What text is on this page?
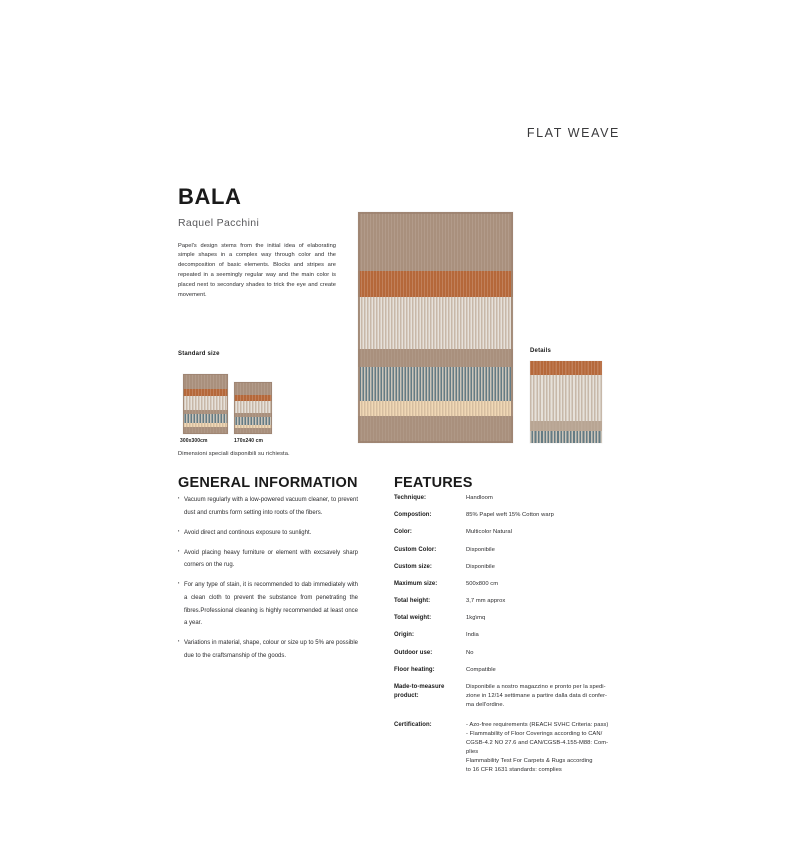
FLAT WEAVE
BALA
Raquel Pacchini

Papel's design stems from the initial idea of elaborating simple shapes in a complex way through color and the decomposition of basic elements. Blocks and stripes are repeated in a seemingly regular way and the main color is placed next to secondary shades to trick the eye and create movement.

Standard size
300x300cm	170x240 cm
Dimensioni speciali disponibili su richiesta.
Details
GENERAL INFORMATION
▪ Vacuum regularly with a low-powered vacuum cleaner, to prevent dust and crumbs form setting into roots of the fibers.
▪ Avoid direct and continous exposure to sunlight.
▪ Avoid placing heavy furniture or element with excsavely sharp corners on the rug.
▪ For any type of stain, it is recommended to dab immediately with a clean cloth to prevent the substance from penetrating the fibres.Professional cleaning is highly recommended at least once a year.
▪ Variations in material, shape, colour or size up to 5% are possible due to the craftsmanship of the goods.
FEATURES
Technique:	Handloom
Compostion:	85% Papel weft 15% Cotton warp
Color:	Multicolor Natural
Custom Color:	Disponibile
Custom size:	Disponibile
Maximum size:	500x800 cm
Total height:	3,7 mm approx
Total weight:	1kg\mq
Origin:	India
Outdoor use:	No
Floor heating:	Compatible
Made-to-measure
product:
Disponibile a nostro magazzino e pronto per la spedi-
zione in 12/14 settimane a partire dalla data di confer-
ma dell'ordine.
Certification:	- Azo-free requirements (REACH SVHC Criteria: pass)
- Flammability of Floor Coverings according to CAN/
CGSB-4.2 NO 27.6 and CAN/CGSB-4.155-M88: Com-
plies
Flammability Test For Carpets & Rugs according
to 16 CFR 1631 standards: complies
